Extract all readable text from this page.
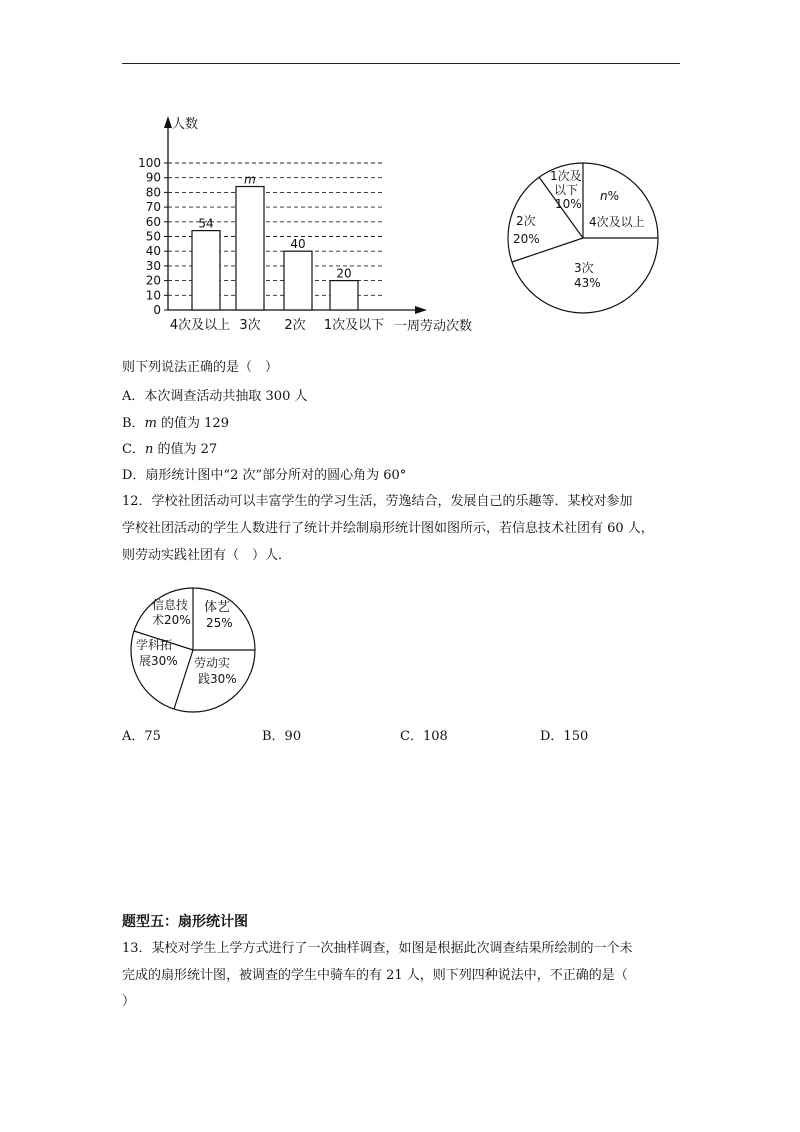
人数
一周劳动次数
0
10
20
30
40
50
60
70
80
90
100
54
m
40
20
4次及以上 3次 2次 1次及以下
1次及
以下
10%
n%
4次及以上
3次
43%
2次
20%
则下列说法正确的是（　）
A．本次调查活动共抽取 300 人
B．m 的值为 129
C．n 的值为 27
D．扇形统计图中“2 次”部分所对的圆心角为 60°
12．学校社团活动可以丰富学生的学习生活，劳逸结合，发展自己的乐趣等．某校对参加
学校社团活动的学生人数进行了统计并绘制扇形统计图如图所示，若信息技术社团有 60 人，
则劳动实践社团有（　）人．
信息技
术20%
体艺
25%
劳动实
践30%
学科拓
展30%
A．75	B．90	C．108	D．150
题型五：扇形统计图
13．某校对学生上学方式进行了一次抽样调查，如图是根据此次调查结果所绘制的一个未
完成的扇形统计图，被调查的学生中骑车的有 21 人，则下列四种说法中，不正确的是（
）
